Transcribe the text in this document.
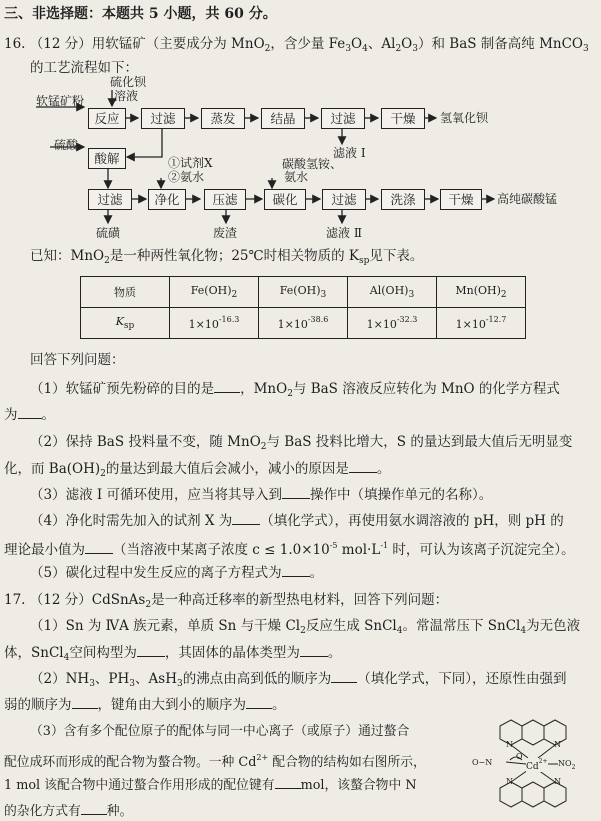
三、非选择题：本题共 5 小题，共 60 分。
16. （12 分）用软锰矿（主要成分为 MnO$_2$，含少量 $Fe_3O_4$、$Al_2O_3$）和 BaS 制备高纯 MnCO$_3$
的工艺流程如下：
软锰矿粉
硫化钡
溶液
反应	过滤	蒸发	结晶	过滤	干燥	氢氧化钡
滤液 Ⅰ
硫酸
酸解
过滤	净化
①试剂X
②氨水
压滤	碳化
碳酸氢铵、
氨水
过滤	洗涤	干燥	高纯碳酸锰
硫磺	废渣	滤液 Ⅱ
已知：MnO$_2$是一种两性氧化物；25℃时相关物质的 $K_{sp}$见下表。
物质	$Fe(OH)_2$	$Fe(OH)_3$	$Al(OH)_3$	$Mn(OH)_2$
$K_{sp}$	$1\times 10^{-16.3}$	$1\times 10^{-38.6}$	$1\times 10^{-32.3}$	$1\times 10^{-12.7}$
回答下列问题：
（1）软锰矿预先粉碎的目的是 ，MnO$_2$与 BaS 溶液反应转化为 MnO 的化学方程式
为 。
（2）保持 BaS 投料量不变，随 MnO$_2$与 BaS 投料比增大，S 的量达到最大值后无明显变
化，而 $Ba(OH)_2$的量达到最大值后会减小，减小的原因是 。
（3）滤液 Ⅰ 可循环使用，应当将其导入到 操作中（填操作单元的名称）。
（4）净化时需先加入的试剂 X 为 （填化学式），再使用氨水调溶液的 pH，则 pH 的
理论最小值为 （当溶液中某离子浓度 $c \le 1.0\times 10^{-5}$ $mol\cdot L^{-1}$ 时，可认为该离子沉淀完全）。
（5）碳化过程中发生反应的离子方程式为 。
17. （12 分）CdSnAs$_2$是一种高迁移率的新型热电材料，回答下列问题：
（1）Sn 为 ⅣA 族元素，单质 Sn 与干燥 $Cl_2$反应生成 SnCl$_4$。常温常压下 SnCl$_4$为无色液
体，SnCl$_4$空间构型为 ，其固体的晶体类型为 。
$(2)NH_3$、$PH_3$、AsH$_3$的沸点由高到低的顺序为 （填化学式，下同），还原性由强到
弱的顺序为 ，键角由大到小的顺序为 。
（3）含有多个配位原子的配体与同一中心离子（或原子）通过螯合
配位成环而形成的配合物为螯合物。一种 $Cd^{2+}$ 配合物的结构如右图所示，
1 mol 该配合物中通过螯合作用形成的配位键有 mol，该螯合物中 N
的杂化方式有 种。
N	N
N	N
O
$Cd^{2+}$
O−N	$NO_2$
